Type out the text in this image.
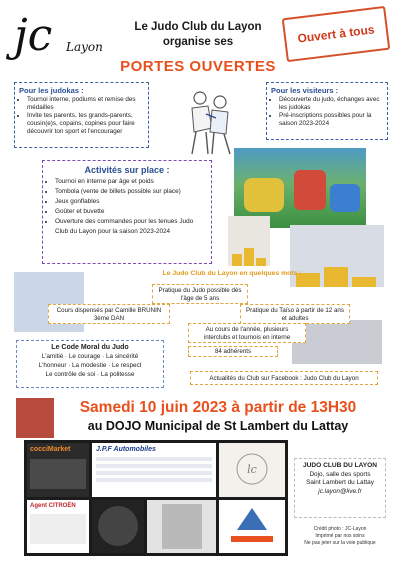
jc Layon
Le Judo Club du Layon
organise ses
PORTES OUVERTES
Ouvert à tous
Pour les judokas :
• Tournoi interne, podiums et remise des médailles
• Invite tes parents, tes grands-parents, cousin(e)s, copains, copines pour faire découvrir ton sport et l'encourager
Pour les visiteurs :
• Découverte du judo, échanges avec les judokas
• Pré-inscriptions possibles pour la saison 2023-2024
Activités sur place :
• Tournoi en interne par âge et poids
• Tombola (vente de billets possible sur place)
• Jeux gonflables
• Goûter et buvette
• Ouverture des commandes pour les tenues Judo Club du Layon pour la saison 2023-2024
Le Judo Club du Layon en quelques mots :
Pratique du Judo possible dès l'âge de 5 ans
Cours dispensés par Camille BRUNIN 3ème DAN
Pratique du Taïso à partir de 12 ans et adultes
Au cours de l'année, plusieurs interclubs et tournois en interne
84 adhérents
Actualités du Club sur Facebook : Judo Club du Layon
Le Code Moral du Judo
L'amitié · Le courage · La sincérité
L'honneur · La modestie · Le respect
Le contrôle de soi · La politesse
Samedi 10 juin 2023 à partir de 13H30
au DOJO Municipal de St Lambert du Lattay
cocciMarket	J.P.F Automobiles
lc
Agent CITROËN
JUDO CLUB DU LAYON
Dojo, salle des sports
Saint Lambert du Lattay
jc.layon@live.fr
Crédit photo : JC-Layon
Imprimé par nos soins
Ne pas jeter sur la voie publique
